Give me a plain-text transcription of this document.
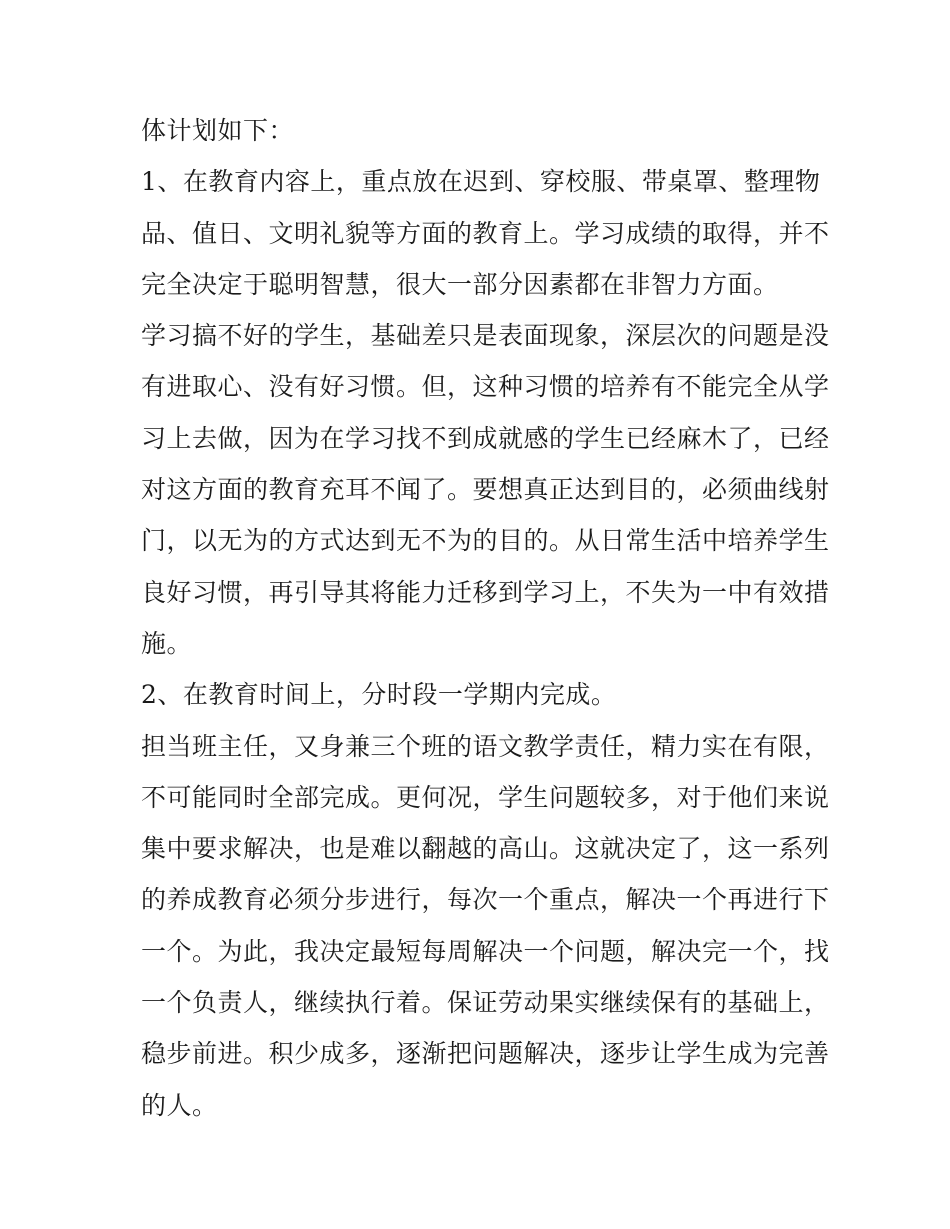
体计划如下：
1、在教育内容上，重点放在迟到、穿校服、带桌罩、整理物
品、值日、文明礼貌等方面的教育上。学习成绩的取得，并不
完全决定于聪明智慧，很大一部分因素都在非智力方面。
学习搞不好的学生，基础差只是表面现象，深层次的问题是没
有进取心、没有好习惯。但，这种习惯的培养有不能完全从学
习上去做，因为在学习找不到成就感的学生已经麻木了，已经
对这方面的教育充耳不闻了。要想真正达到目的，必须曲线射
门，以无为的方式达到无不为的目的。从日常生活中培养学生
良好习惯，再引导其将能力迁移到学习上，不失为一中有效措
施。
2、在教育时间上，分时段一学期内完成。
担当班主任，又身兼三个班的语文教学责任，精力实在有限，
不可能同时全部完成。更何况，学生问题较多，对于他们来说
集中要求解决，也是难以翻越的高山。这就决定了，这一系列
的养成教育必须分步进行，每次一个重点，解决一个再进行下
一个。为此，我决定最短每周解决一个问题，解决完一个，找
一个负责人，继续执行着。保证劳动果实继续保有的基础上，
稳步前进。积少成多，逐渐把问题解决，逐步让学生成为完善
的人。
